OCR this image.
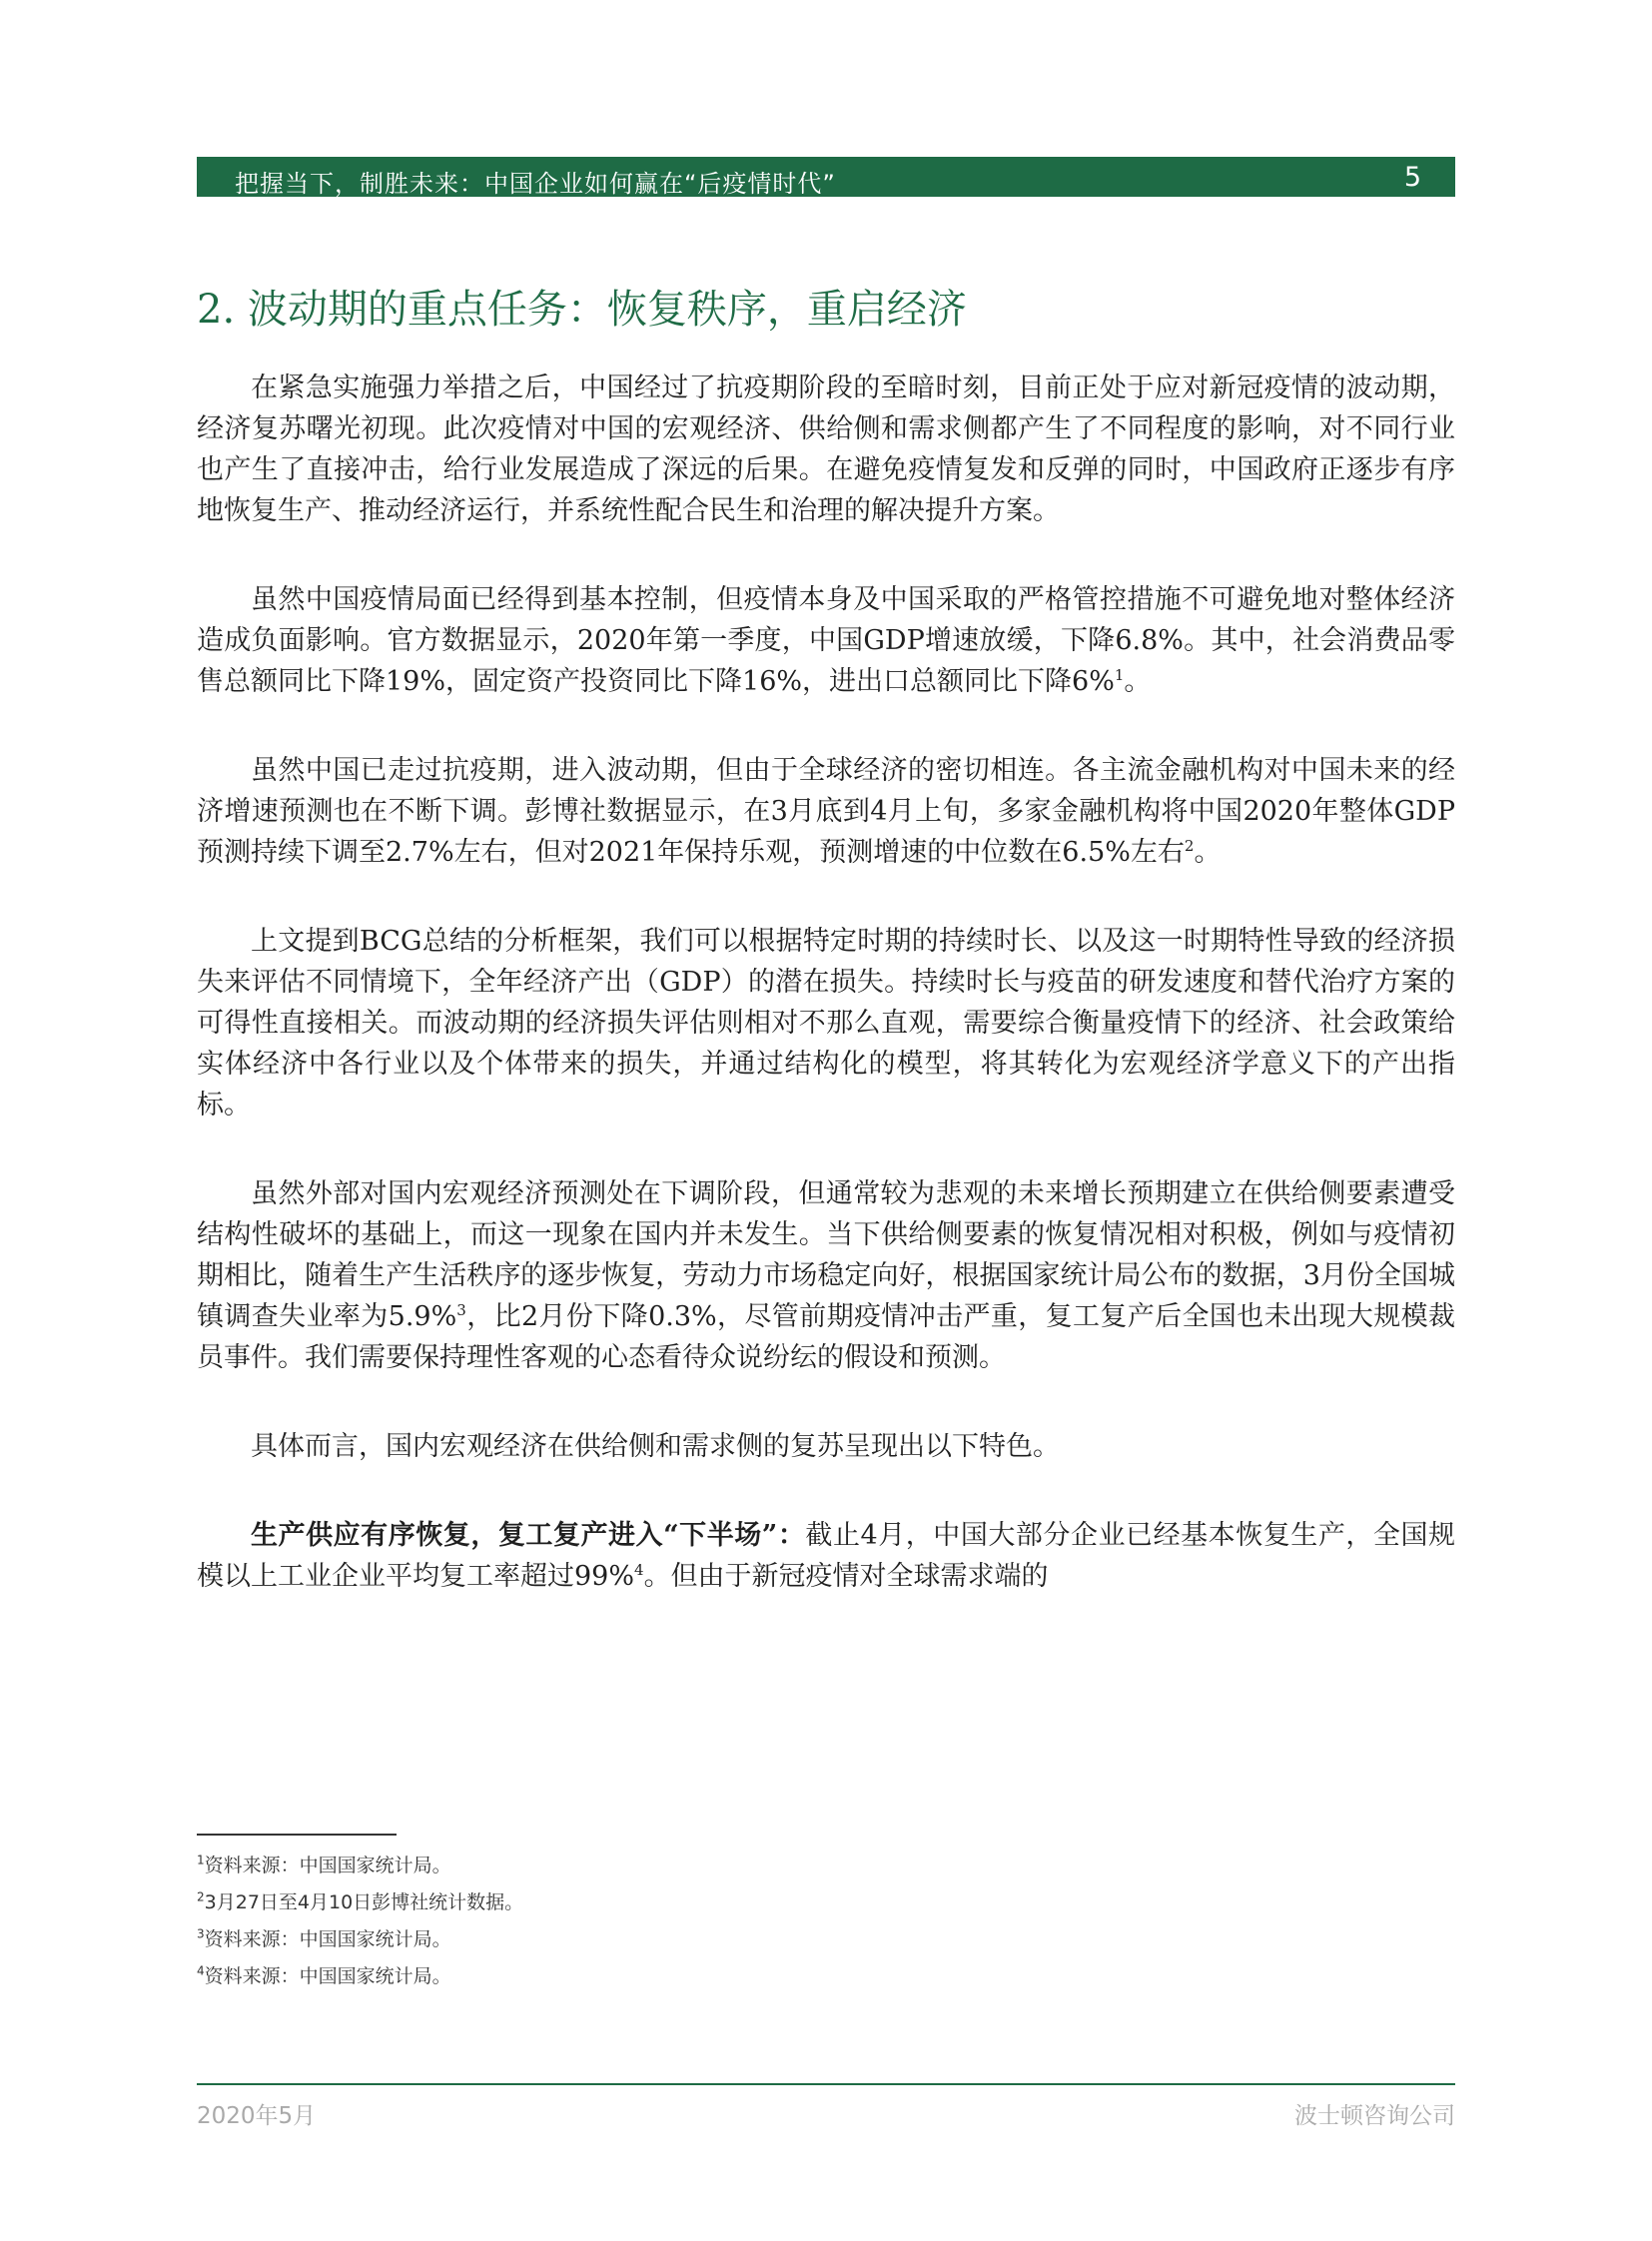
把握当下，制胜未来：中国企业如何赢在“后疫情时代”	5
2. 波动期的重点任务：恢复秩序，重启经济

在紧急实施强力举措之后，中国经过了抗疫期阶段的至暗时刻，目前正处于应对新冠疫情的波动期，经济复苏曙光初现。此次疫情对中国的宏观经济、供给侧和需求侧都产生了不同程度的影响，对不同行业也产生了直接冲击，给行业发展造成了深远的后果。在避免疫情复发和反弹的同时，中国政府正逐步有序地恢复生产、推动经济运行，并系统性配合民生和治理的解决提升方案。

虽然中国疫情局面已经得到基本控制，但疫情本身及中国采取的严格管控措施不可避免地对整体经济造成负面影响。官方数据显示，2020年第一季度，中国GDP增速放缓，下降6.8%。其中，社会消费品零售总额同比下降19%，固定资产投资同比下降16%，进出口总额同比下降6%$^1$。

虽然中国已走过抗疫期，进入波动期，但由于全球经济的密切相连。各主流金融机构对中国未来的经济增速预测也在不断下调。彭博社数据显示，在3月底到4月上旬，多家金融机构将中国2020年整体GDP预测持续下调至2.7%左右，但对2021年保持乐观，预测增速的中位数在6.5%左右$^2$。

上文提到BCG总结的分析框架，我们可以根据特定时期的持续时长、以及这一时期特性导致的经济损失来评估不同情境下，全年经济产出（GDP）的潜在损失。持续时长与疫苗的研发速度和替代治疗方案的可得性直接相关。而波动期的经济损失评估则相对不那么直观，需要综合衡量疫情下的经济、社会政策给实体经济中各行业以及个体带来的损失，并通过结构化的模型，将其转化为宏观经济学意义下的产出指标。

虽然外部对国内宏观经济预测处在下调阶段，但通常较为悲观的未来增长预期建立在供给侧要素遭受结构性破坏的基础上，而这一现象在国内并未发生。当下供给侧要素的恢复情况相对积极，例如与疫情初期相比，随着生产生活秩序的逐步恢复，劳动力市场稳定向好，根据国家统计局公布的数据，3月份全国城镇调查失业率为5.9%$^3$，比2月份下降0.3%，尽管前期疫情冲击严重，复工复产后全国也未出现大规模裁员事件。我们需要保持理性客观的心态看待众说纷纭的假设和预测。

具体而言，国内宏观经济在供给侧和需求侧的复苏呈现出以下特色。

生产供应有序恢复，复工复产进入“下半场”：截止4月，中国大部分企业已经基本恢复生产，全国规模以上工业企业平均复工率超过99%$^4$。但由于新冠疫情对全球需求端的

$^1$资料来源：中国国家统计局。
$^2$3月27日至4月10日彭博社统计数据。
$^3$资料来源：中国国家统计局。
$^4$资料来源：中国国家统计局。
2020年5月	波士顿咨询公司
